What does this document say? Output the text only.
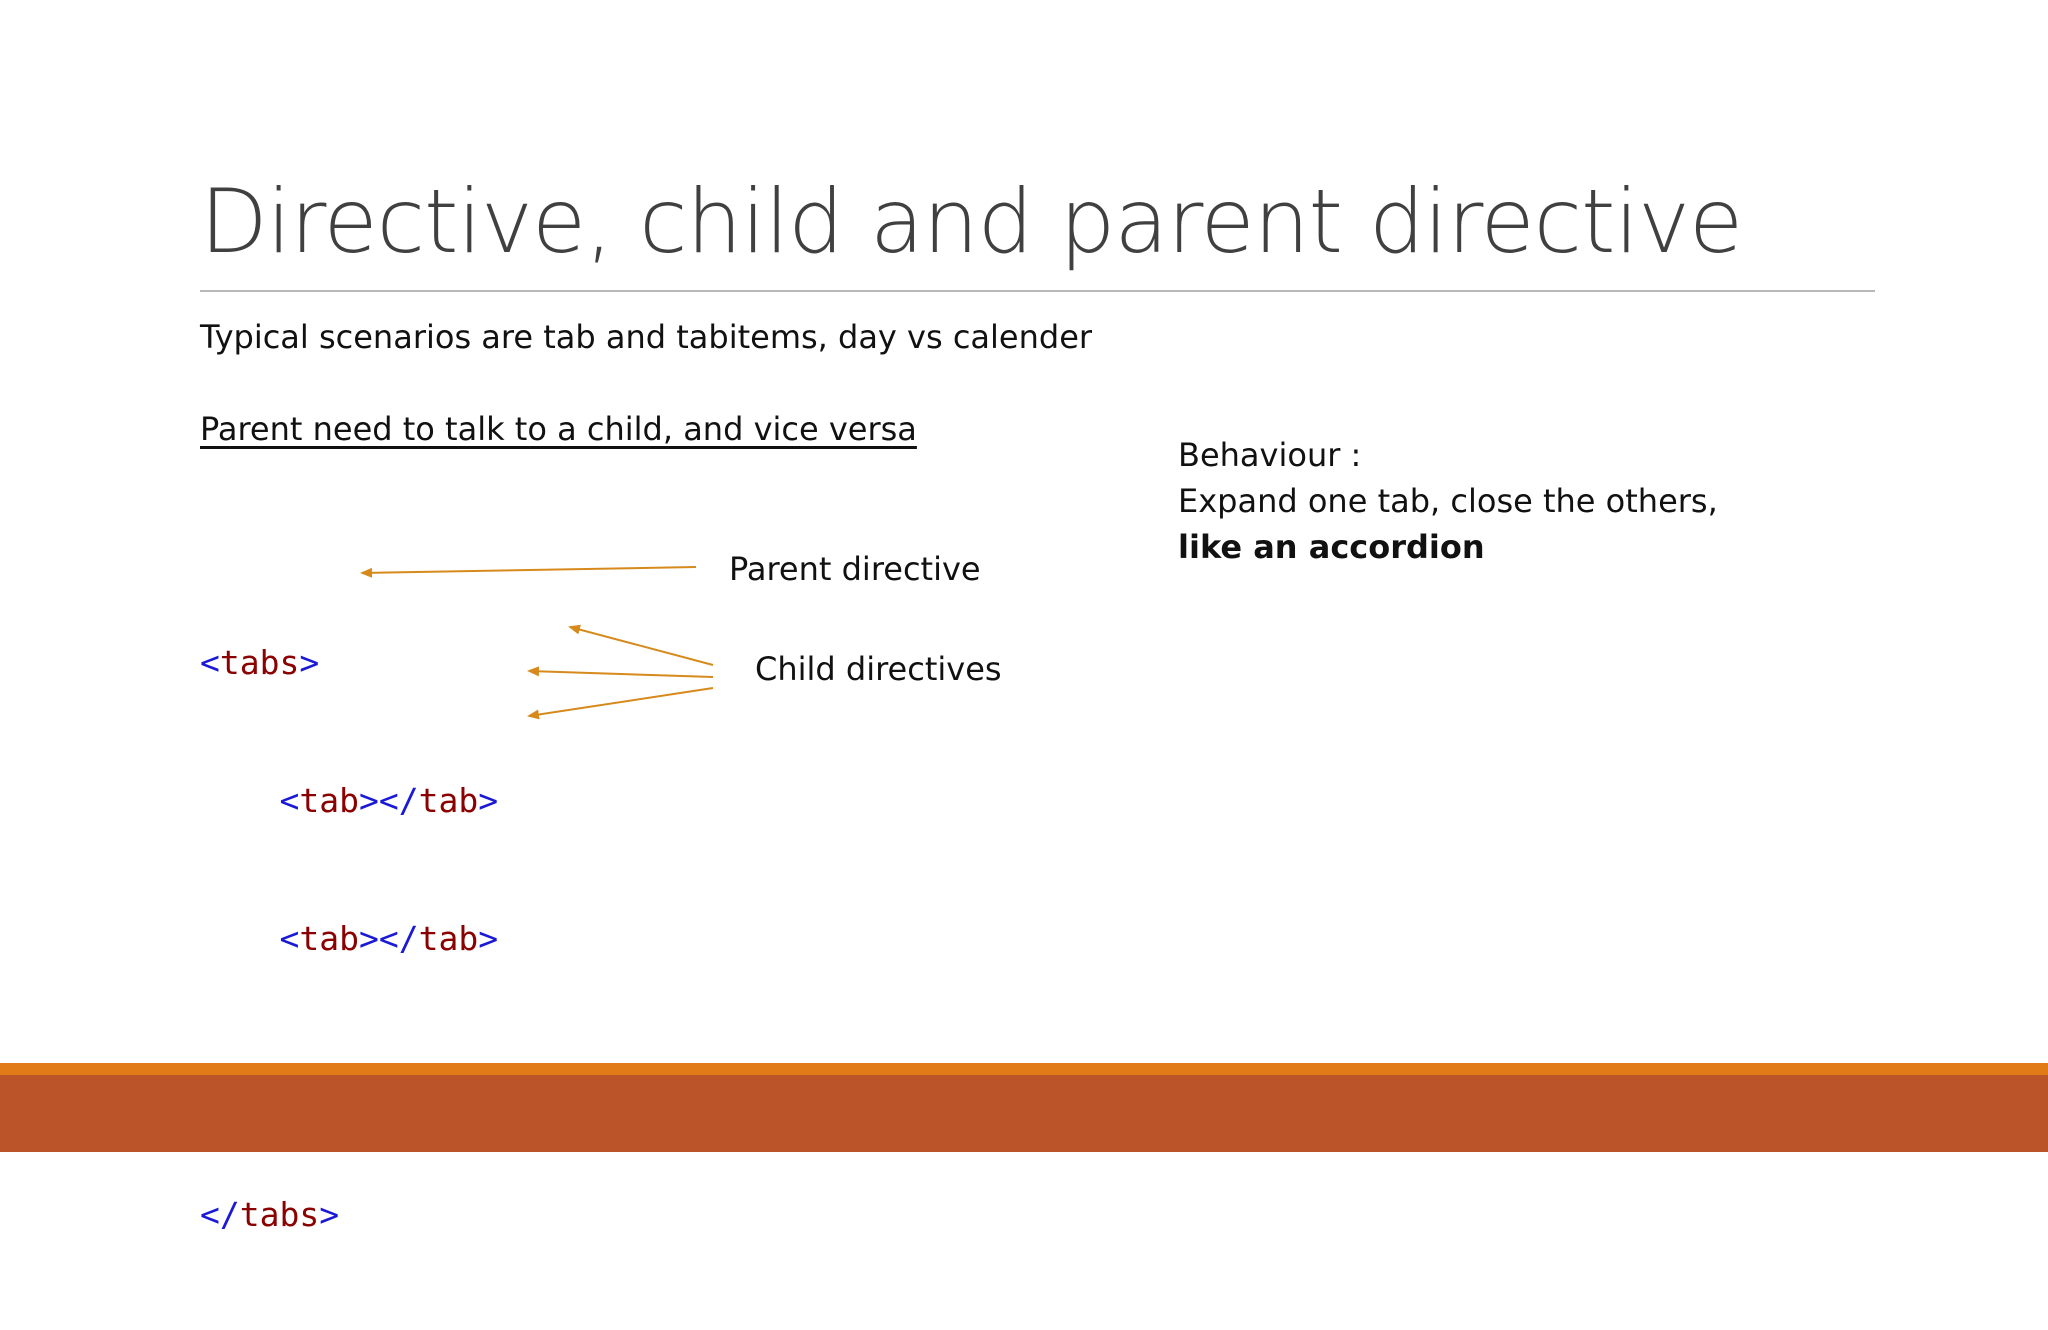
Directive, child and parent directive
Typical scenarios are tab and tabitems, day vs calender
Parent need to talk to a child, and vice versa
Behaviour :
Expand one tab, close the others,
like an accordion

<tabs>

<tab></tab>

<tab></tab>

</tabs>

Parent directive
Child directives
